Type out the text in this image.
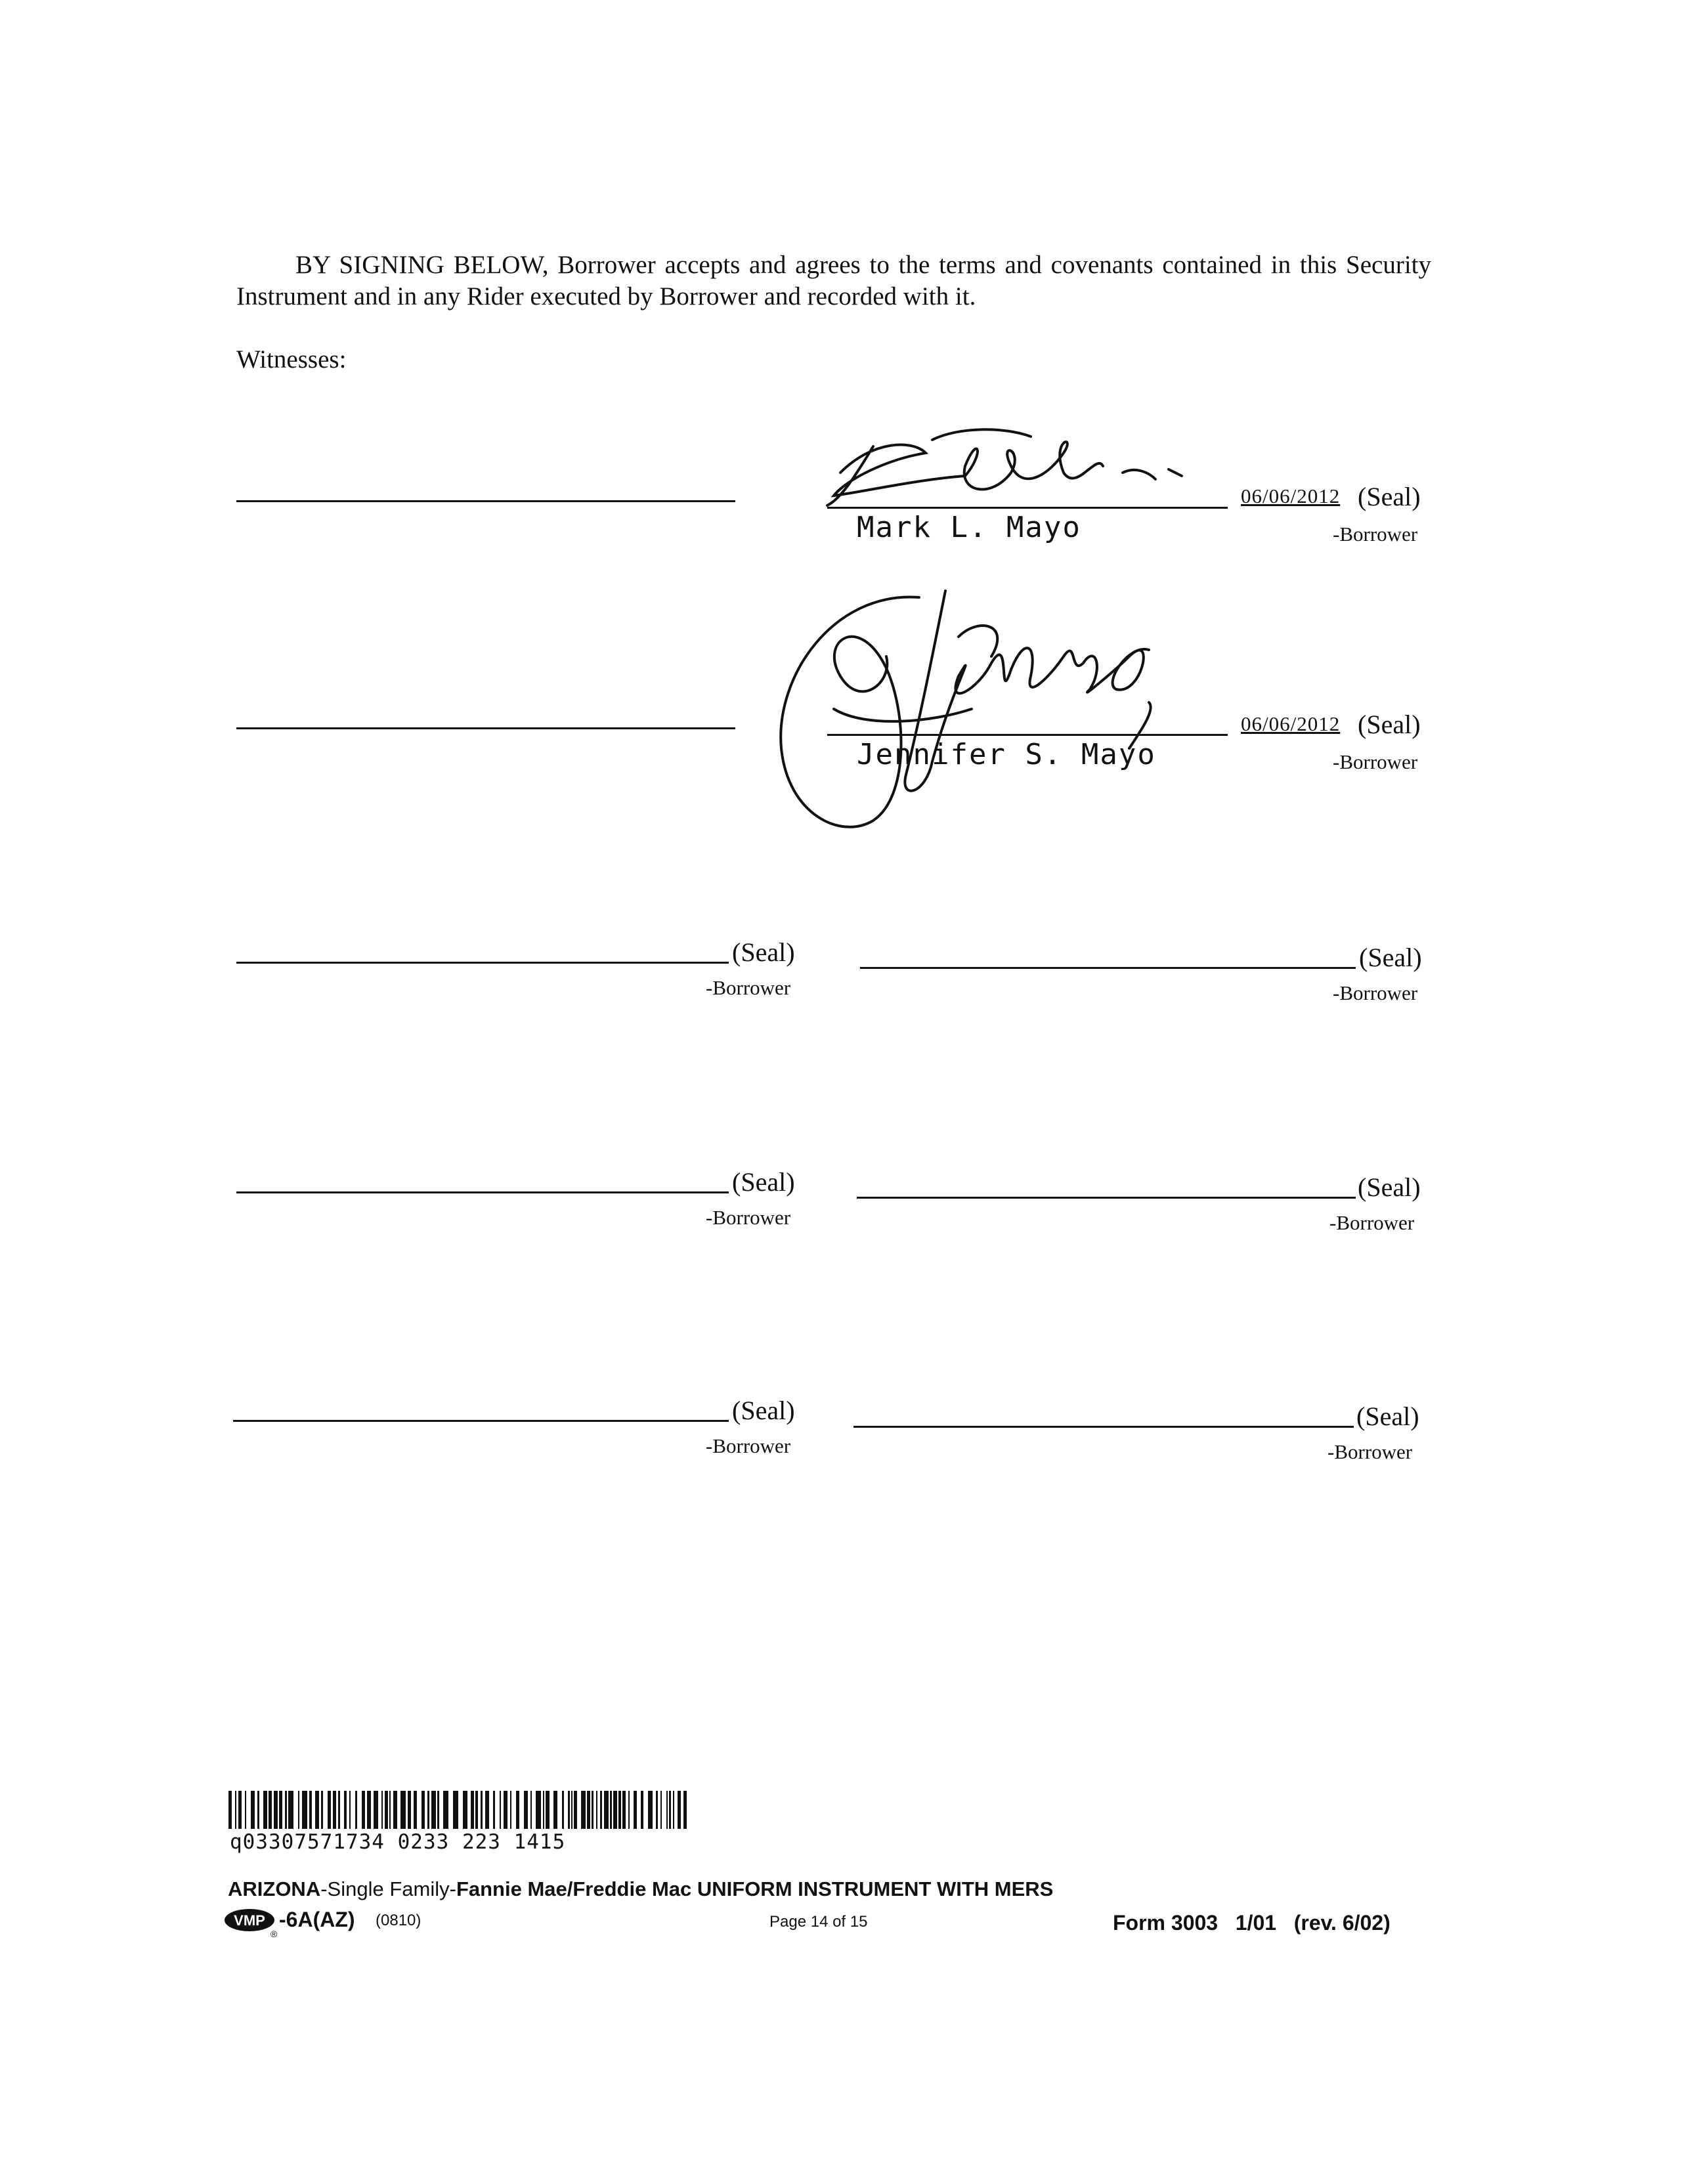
BY SIGNING BELOW, Borrower accepts and agrees to the terms and covenants contained in this Security Instrument and in any Rider executed by Borrower and recorded with it.
Witnesses:
06/06/2012 (Seal)
Mark L. Mayo	-Borrower
06/06/2012 (Seal)
Jennifer S. Mayo	-Borrower
(Seal)
-Borrower
(Seal)
-Borrower
(Seal)
-Borrower
(Seal)
-Borrower
(Seal)
-Borrower
(Seal)
-Borrower
q03307571734 0233 223 1415
ARIZONA-Single Family-Fannie Mae/Freddie Mac UNIFORM INSTRUMENT WITH MERS
VMP
®
-6A(AZ) (0810)	Page 14 of 15	Form 3003   1/01   (rev. 6/02)
